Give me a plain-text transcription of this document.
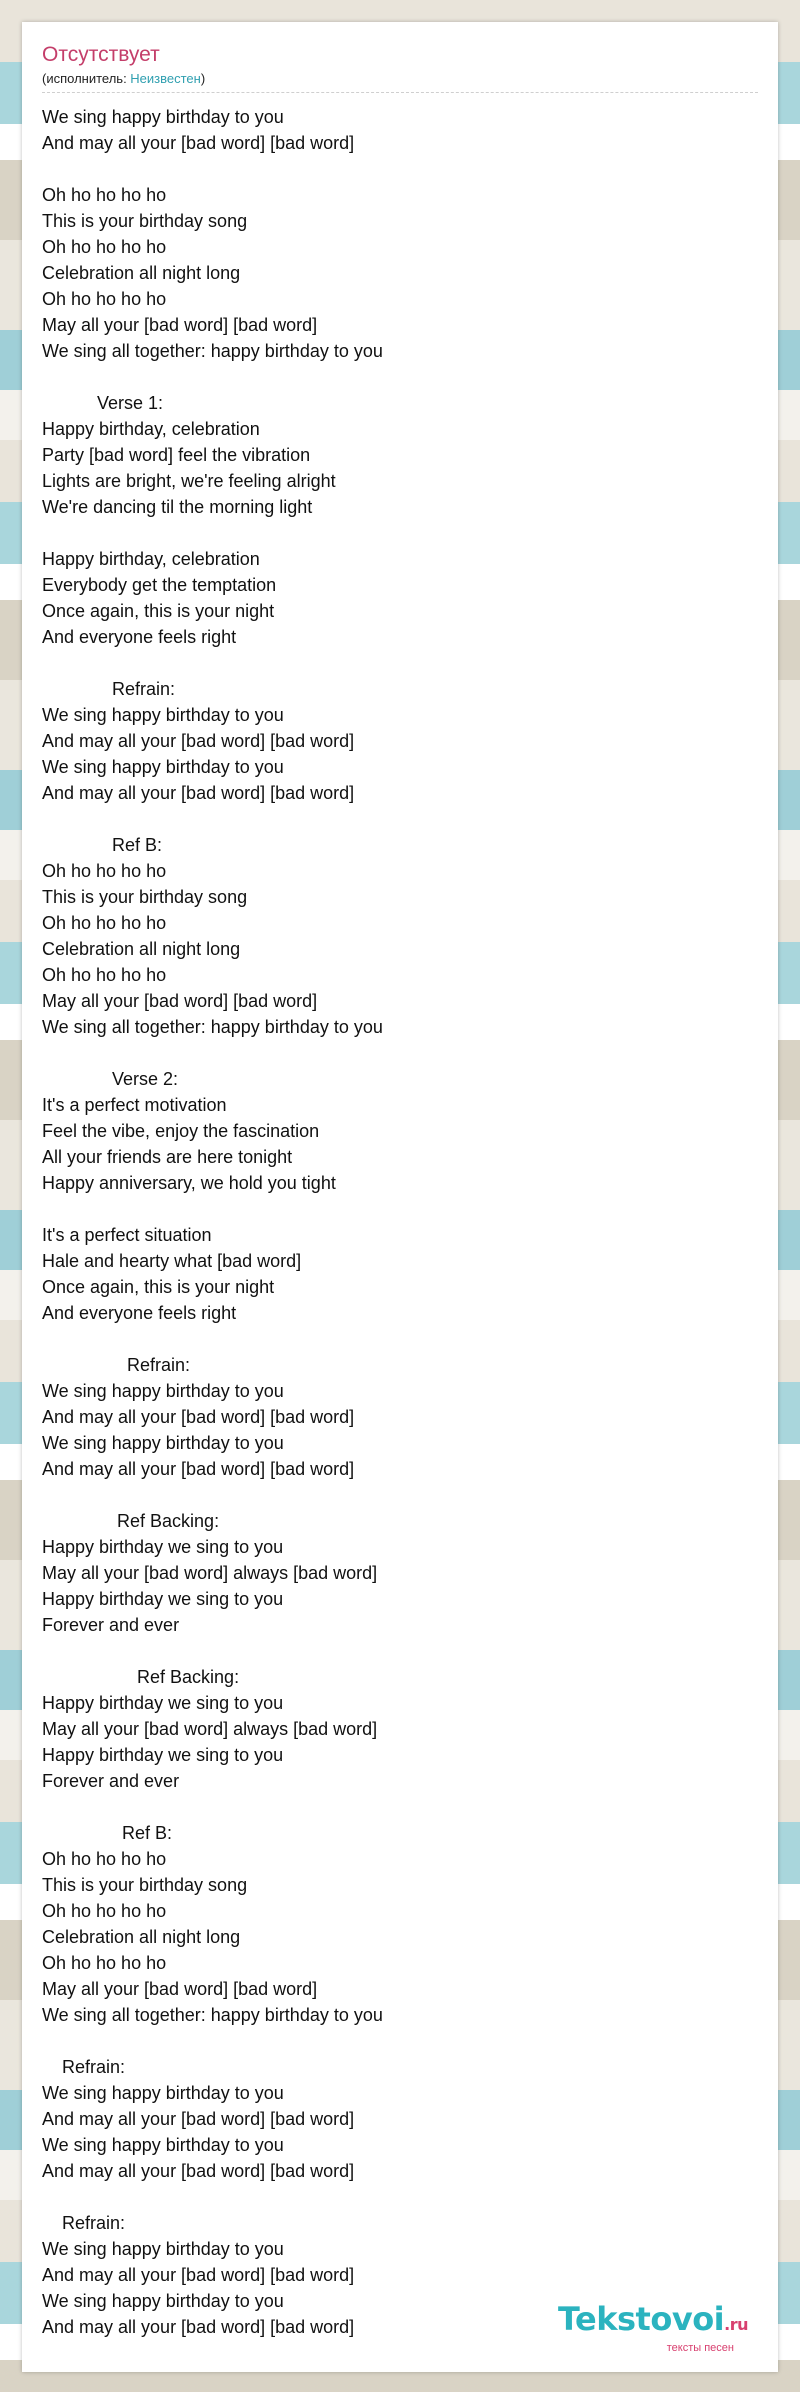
Отсутствует
(исполнитель: Неизвестен)
We sing happy birthday to you
And may all your [bad word] [bad word]

Oh ho ho ho ho
This is your birthday song
Oh ho ho ho ho
Celebration all night long
Oh ho ho ho ho
May all your [bad word] [bad word]
We sing all together: happy birthday to you

Verse 1:
Happy birthday, celebration
Party [bad word] feel the vibration
Lights are bright, we're feeling alright
We're dancing til the morning light

Happy birthday, celebration
Everybody get the temptation
Once again, this is your night
And everyone feels right

Refrain:
We sing happy birthday to you
And may all your [bad word] [bad word]
We sing happy birthday to you
And may all your [bad word] [bad word]

Ref B:
Oh ho ho ho ho
This is your birthday song
Oh ho ho ho ho
Celebration all night long
Oh ho ho ho ho
May all your [bad word] [bad word]
We sing all together: happy birthday to you

Verse 2:
It's a perfect motivation
Feel the vibe, enjoy the fascination
All your friends are here tonight
Happy anniversary, we hold you tight

It's a perfect situation
Hale and hearty what [bad word]
Once again, this is your night
And everyone feels right

Refrain:
We sing happy birthday to you
And may all your [bad word] [bad word]
We sing happy birthday to you
And may all your [bad word] [bad word]

Ref Backing:
Happy birthday we sing to you
May all your [bad word] always [bad word]
Happy birthday we sing to you
Forever and ever

Ref Backing:
Happy birthday we sing to you
May all your [bad word] always [bad word]
Happy birthday we sing to you
Forever and ever

Ref B:
Oh ho ho ho ho
This is your birthday song
Oh ho ho ho ho
Celebration all night long
Oh ho ho ho ho
May all your [bad word] [bad word]
We sing all together: happy birthday to you

Refrain:
We sing happy birthday to you
And may all your [bad word] [bad word]
We sing happy birthday to you
And may all your [bad word] [bad word]

Refrain:
We sing happy birthday to you
And may all your [bad word] [bad word]
We sing happy birthday to you
And may all your [bad word] [bad word]	Tekstovoi.ru
тексты песен
